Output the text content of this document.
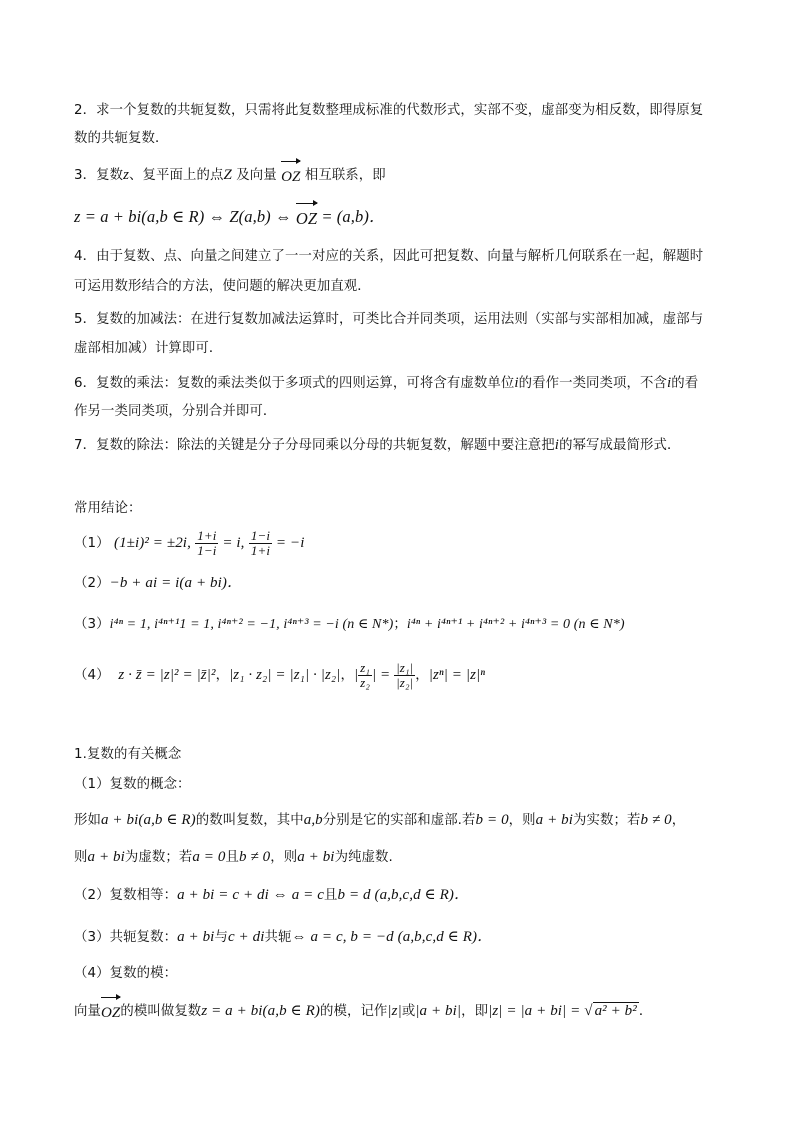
2．求一个复数的共轭复数，只需将此复数整理成标准的代数形式，实部不变，虚部变为相反数，即得原复
数的共轭复数．
3．复数z、复平面上的点Z 及向量
OZ 相互联系，即
z = a + bi(a,b ∈ R) ⇔ Z(a,b) ⇔
OZ = (a,b)．
4．由于复数、点、向量之间建立了一一对应的关系，因此可把复数、向量与解析几何联系在一起，解题时
可运用数形结合的方法，使问题的解决更加直观．
5．复数的加减法：在进行复数加减法运算时，可类比合并同类项，运用法则（实部与实部相加减，虚部与
虚部相加减）计算即可．
6．复数的乘法：复数的乘法类似于多项式的四则运算，可将含有虚数单位i的看作一类同类项，不含i的看
作另一类同类项，分别合并即可．
7．复数的除法：除法的关键是分子分母同乘以分母的共轭复数，解题中要注意把i的幂写成最简形式．
常用结论：
（1） (1±i)² = ±2i, $\frac{1+i}{1-i} = i$, $\frac{1-i}{1+i} = -i$
（2）−b + ai = i(a + bi)．
（3）i⁴ⁿ = 1, i⁴ⁿ⁺¹1 = 1, i⁴ⁿ⁺² = −1, i⁴ⁿ⁺³ = −i (n ∈ N*)；i⁴ⁿ + i⁴ⁿ⁺¹ + i⁴ⁿ⁺² + i⁴ⁿ⁺³ = 0 (n ∈ N*)
（4） z · z̄ = |z|² = |z̄|²，|z₁ · z₂| = |z₁| · |z₂|，| $\frac{\text{z₁}}{\text{z₂}}$ | = $\frac{\text{|z₁|}}{\text{|z₂|}}$ ，|zⁿ| = |z|ⁿ
1.复数的有关概念
（1）复数的概念：
形如a + bi(a,b ∈ R)的数叫复数，其中a,b分别是它的实部和虚部.若b = 0，则a + bi为实数；若b ≠ 0，
则a + bi为虚数；若a = 0且b ≠ 0，则a + bi为纯虚数.
（2）复数相等：a + bi = c + di ⇔ a = c且b = d (a,b,c,d ∈ R)．
（3）共轭复数：a + bi与c + di共轭⇔ a = c, b = −d (a,b,c,d ∈ R)．
（4）复数的模：
向量
OZ的模叫做复数z = a + bi(a,b ∈ R)的模，记作|z|或|a + bi|，即|z| = |a + bi| = √ a² + b² ．
